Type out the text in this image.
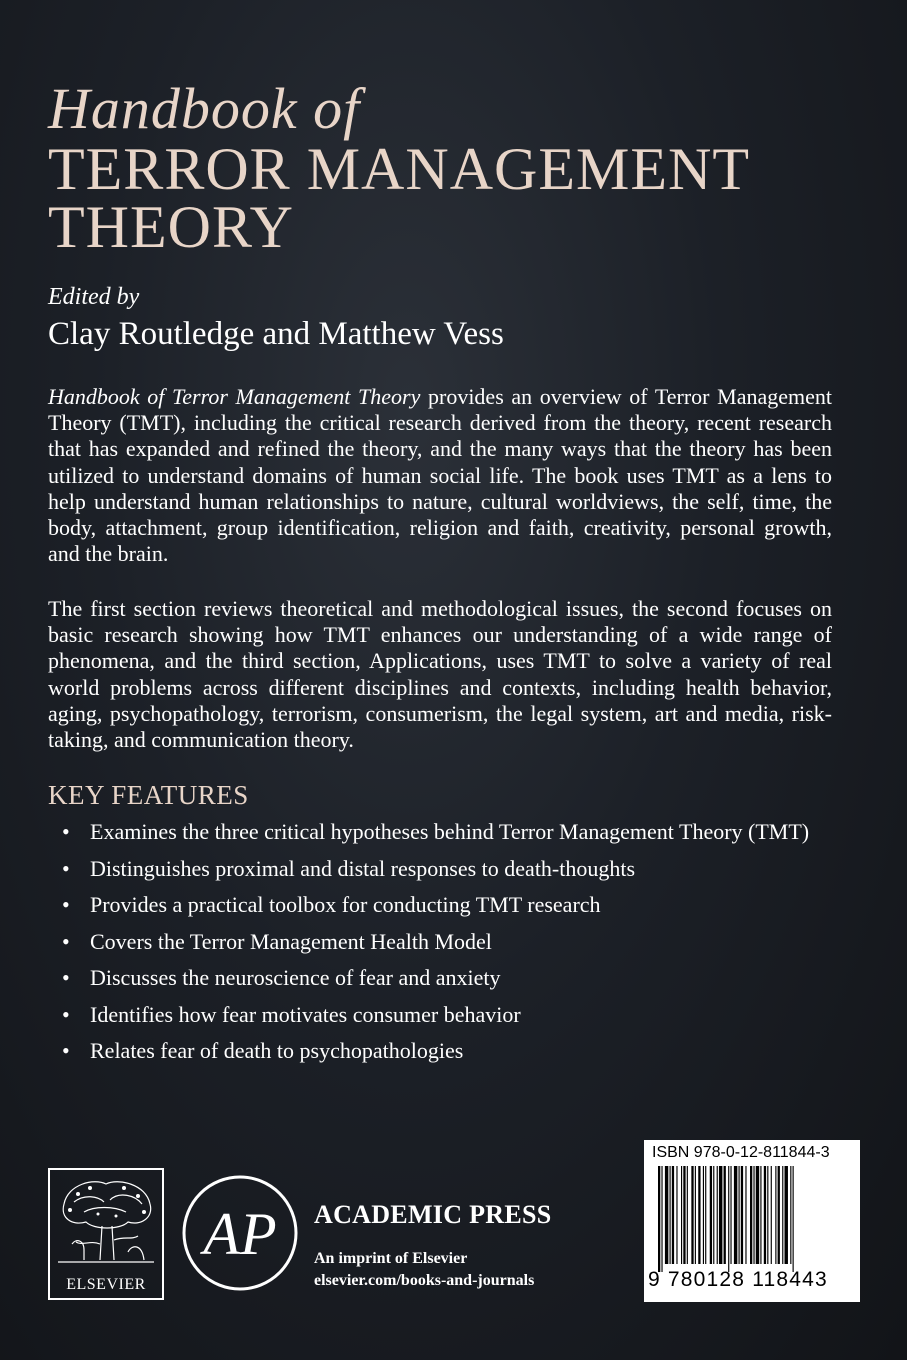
Handbook of
TERROR MANAGEMENT
THEORY
Edited by
Clay Routledge and Matthew Vess
Handbook of Terror Management Theory provides an overview of Terror Management Theory (TMT), including the critical research derived from the theory, recent research that has expanded and refined the theory, and the many ways that the theory has been utilized to understand domains of human social life. The book uses TMT as a lens to help understand human relationships to nature, cultural worldviews, the self, time, the body, attachment, group identification, religion and faith, creativity, personal growth, and the brain.
The first section reviews theoretical and methodological issues, the second focuses on basic research showing how TMT enhances our understanding of a wide range of phenomena, and the third section, Applications, uses TMT to solve a variety of real world problems across different disciplines and contexts, including health behavior, aging, psychopathology, terrorism, consumerism, the legal system, art and media, risk-taking, and communication theory.
KEY FEATURES
• Examines the three critical hypotheses behind Terror Management Theory (TMT)
• Distinguishes proximal and distal responses to death-thoughts
• Provides a practical toolbox for conducting TMT research
• Covers the Terror Management Health Model
• Discusses the neuroscience of fear and anxiety
• Identifies how fear motivates consumer behavior
• Relates fear of death to psychopathologies
ELSEVIER
AP ACADEMIC PRESS
An imprint of Elsevier
elsevier.com/books-and-journals
ISBN 978-0-12-811844-3
9 780128 118443
